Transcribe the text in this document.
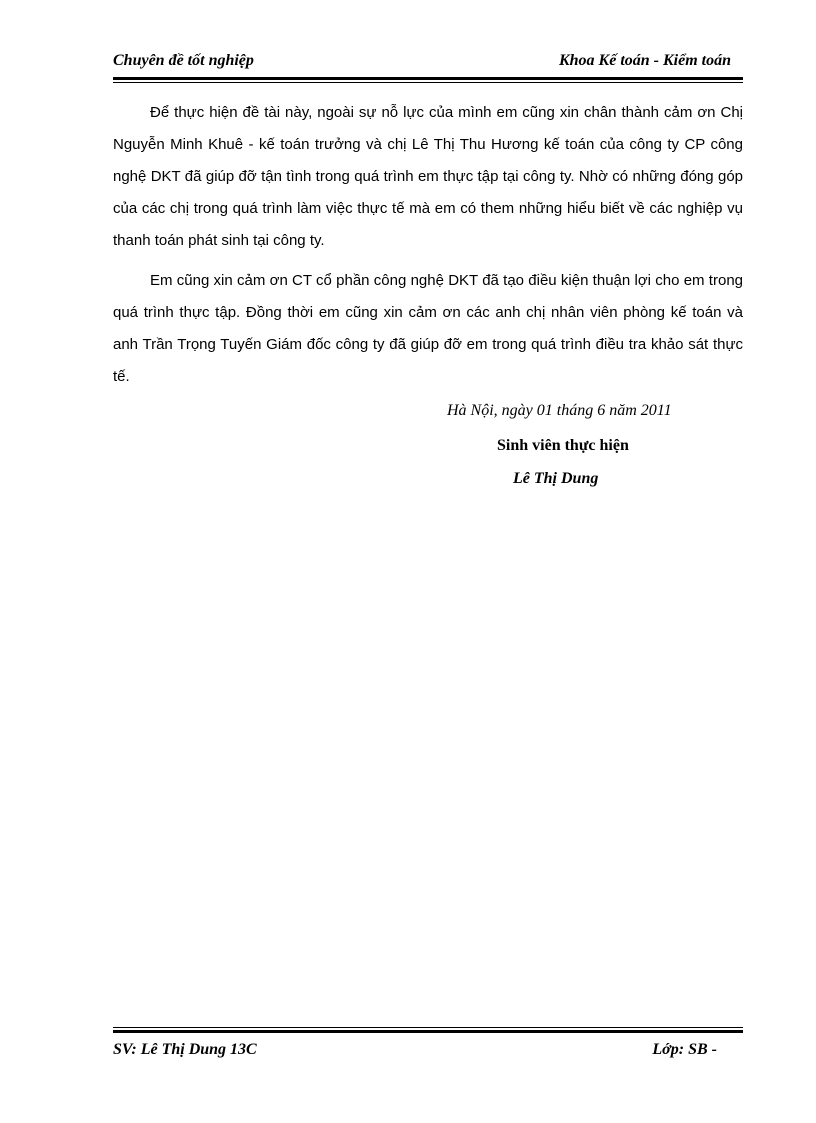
Chuyên đề tốt nghiệp	Khoa Kế toán - Kiểm toán

Để thực hiện đề tài này, ngoài sự nỗ lực của mình em cũng xin chân thành cảm ơn Chị Nguyễn Minh Khuê - kế toán trưởng và chị Lê Thị Thu Hương kế toán của công ty CP công nghệ DKT đã giúp đỡ tận tình trong quá trình em thực tập tại công ty. Nhờ có những đóng góp của các chị trong quá trình làm việc thực tế mà em có them những hiểu biết về các nghiệp vụ thanh toán phát sinh tại công ty.

Em cũng xin cảm ơn CT cổ phần công nghệ DKT đã tạo điều kiện thuận lợi cho em trong quá trình thực tập. Đồng thời em cũng xin cảm ơn các anh chị nhân viên phòng kế toán và anh Trần Trọng Tuyến Giám đốc công ty đã giúp đỡ em trong quá trình điều tra khảo sát thực tế.

Hà Nội, ngày 01 tháng 6 năm 2011
Sinh viên thực hiện
Lê Thị Dung
SV: Lê Thị Dung 13C	Lớp: SB -
